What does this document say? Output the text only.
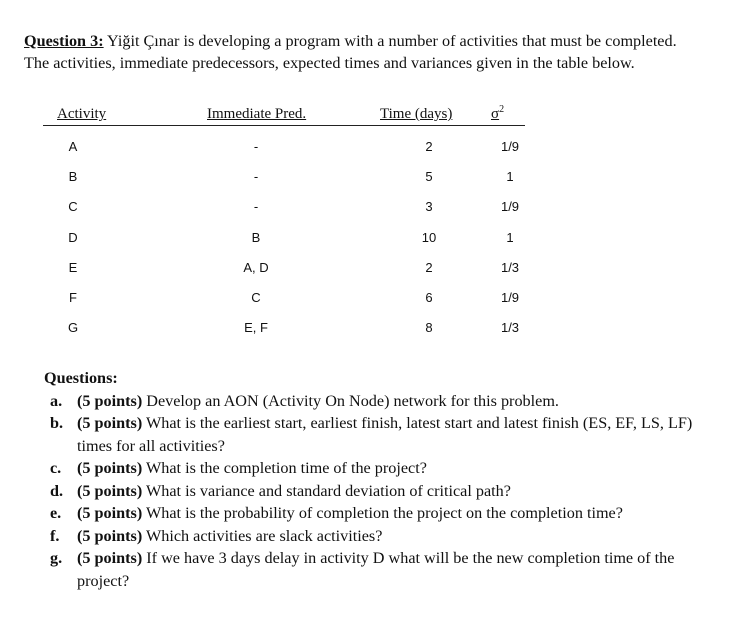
Question 3: Yiğit Çınar is developing a program with a number of activities that must be completed. The activities, immediate predecessors, expected times and variances given in the table below.
Activity	Immediate Pred.	Time (days)	$\sigma^2$
A	-	2	1/9
B	-	5	1
C	-	3	1/9
D	B	10	1
E	A, D	2	1/3
F	C	6	1/9
G	E, F	8	1/3
Questions:
a. (5 points) Develop an AON (Activity On Node) network for this problem.
b. (5 points) What is the earliest start, earliest finish, latest start and latest finish (ES, EF, LS, LF) times for all activities?
c. (5 points) What is the completion time of the project?
d. (5 points) What is variance and standard deviation of critical path?
e. (5 points) What is the probability of completion the project on the completion time?
f. (5 points) Which activities are slack activities?
g. (5 points) If we have 3 days delay in activity D what will be the new completion time of the project?
